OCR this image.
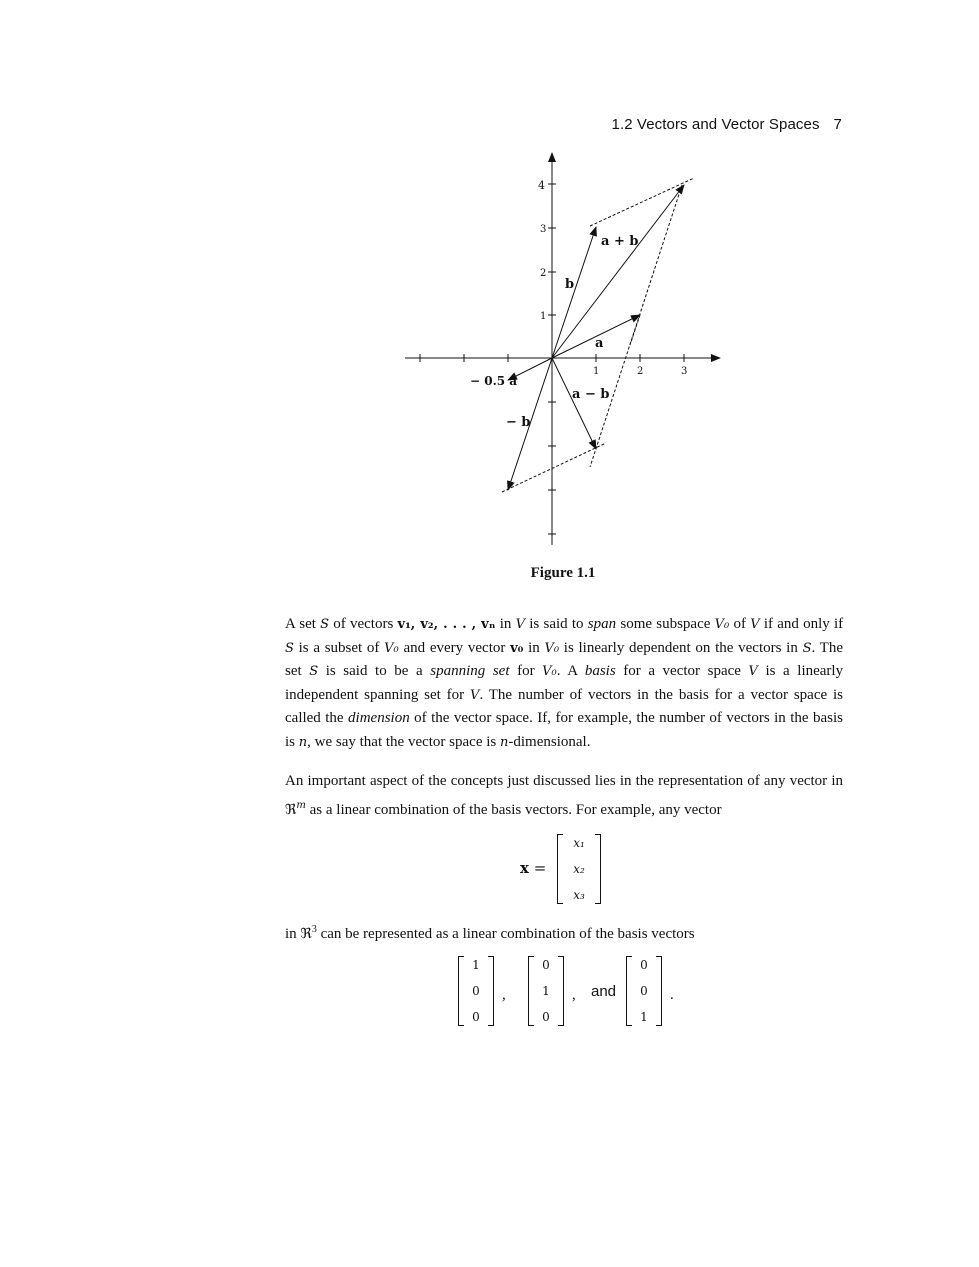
1.2 Vectors and Vector Spaces 7
1	2	3
1
2
3
4
a
b
a + b
a − b
− b
− 0.5 a
Figure 1.1

A set S of vectors v₁, v₂, . . . , vₙ in V is said to span some subspace V₀ of V if and only if S is a subset of V₀ and every vector v₀ in V₀ is linearly dependent on the vectors in S. The set S is said to be a spanning set for V₀. A basis for a vector space V is a linearly independent spanning set for V. The number of vectors in the basis for a vector space is called the dimension of the vector space. If, for example, the number of vectors in the basis is n, we say that the vector space is n-dimensional.

An important aspect of the concepts just discussed lies in the representation of any vector in ℜ$^m$ as a linear combination of the basis vectors. For example, any vector

x =
x₁
x₂
x₃

in ℜ$^3$ can be represented as a linear combination of the basis vectors

1
0
0
,
0
1
0
, and
0
0
1
.
